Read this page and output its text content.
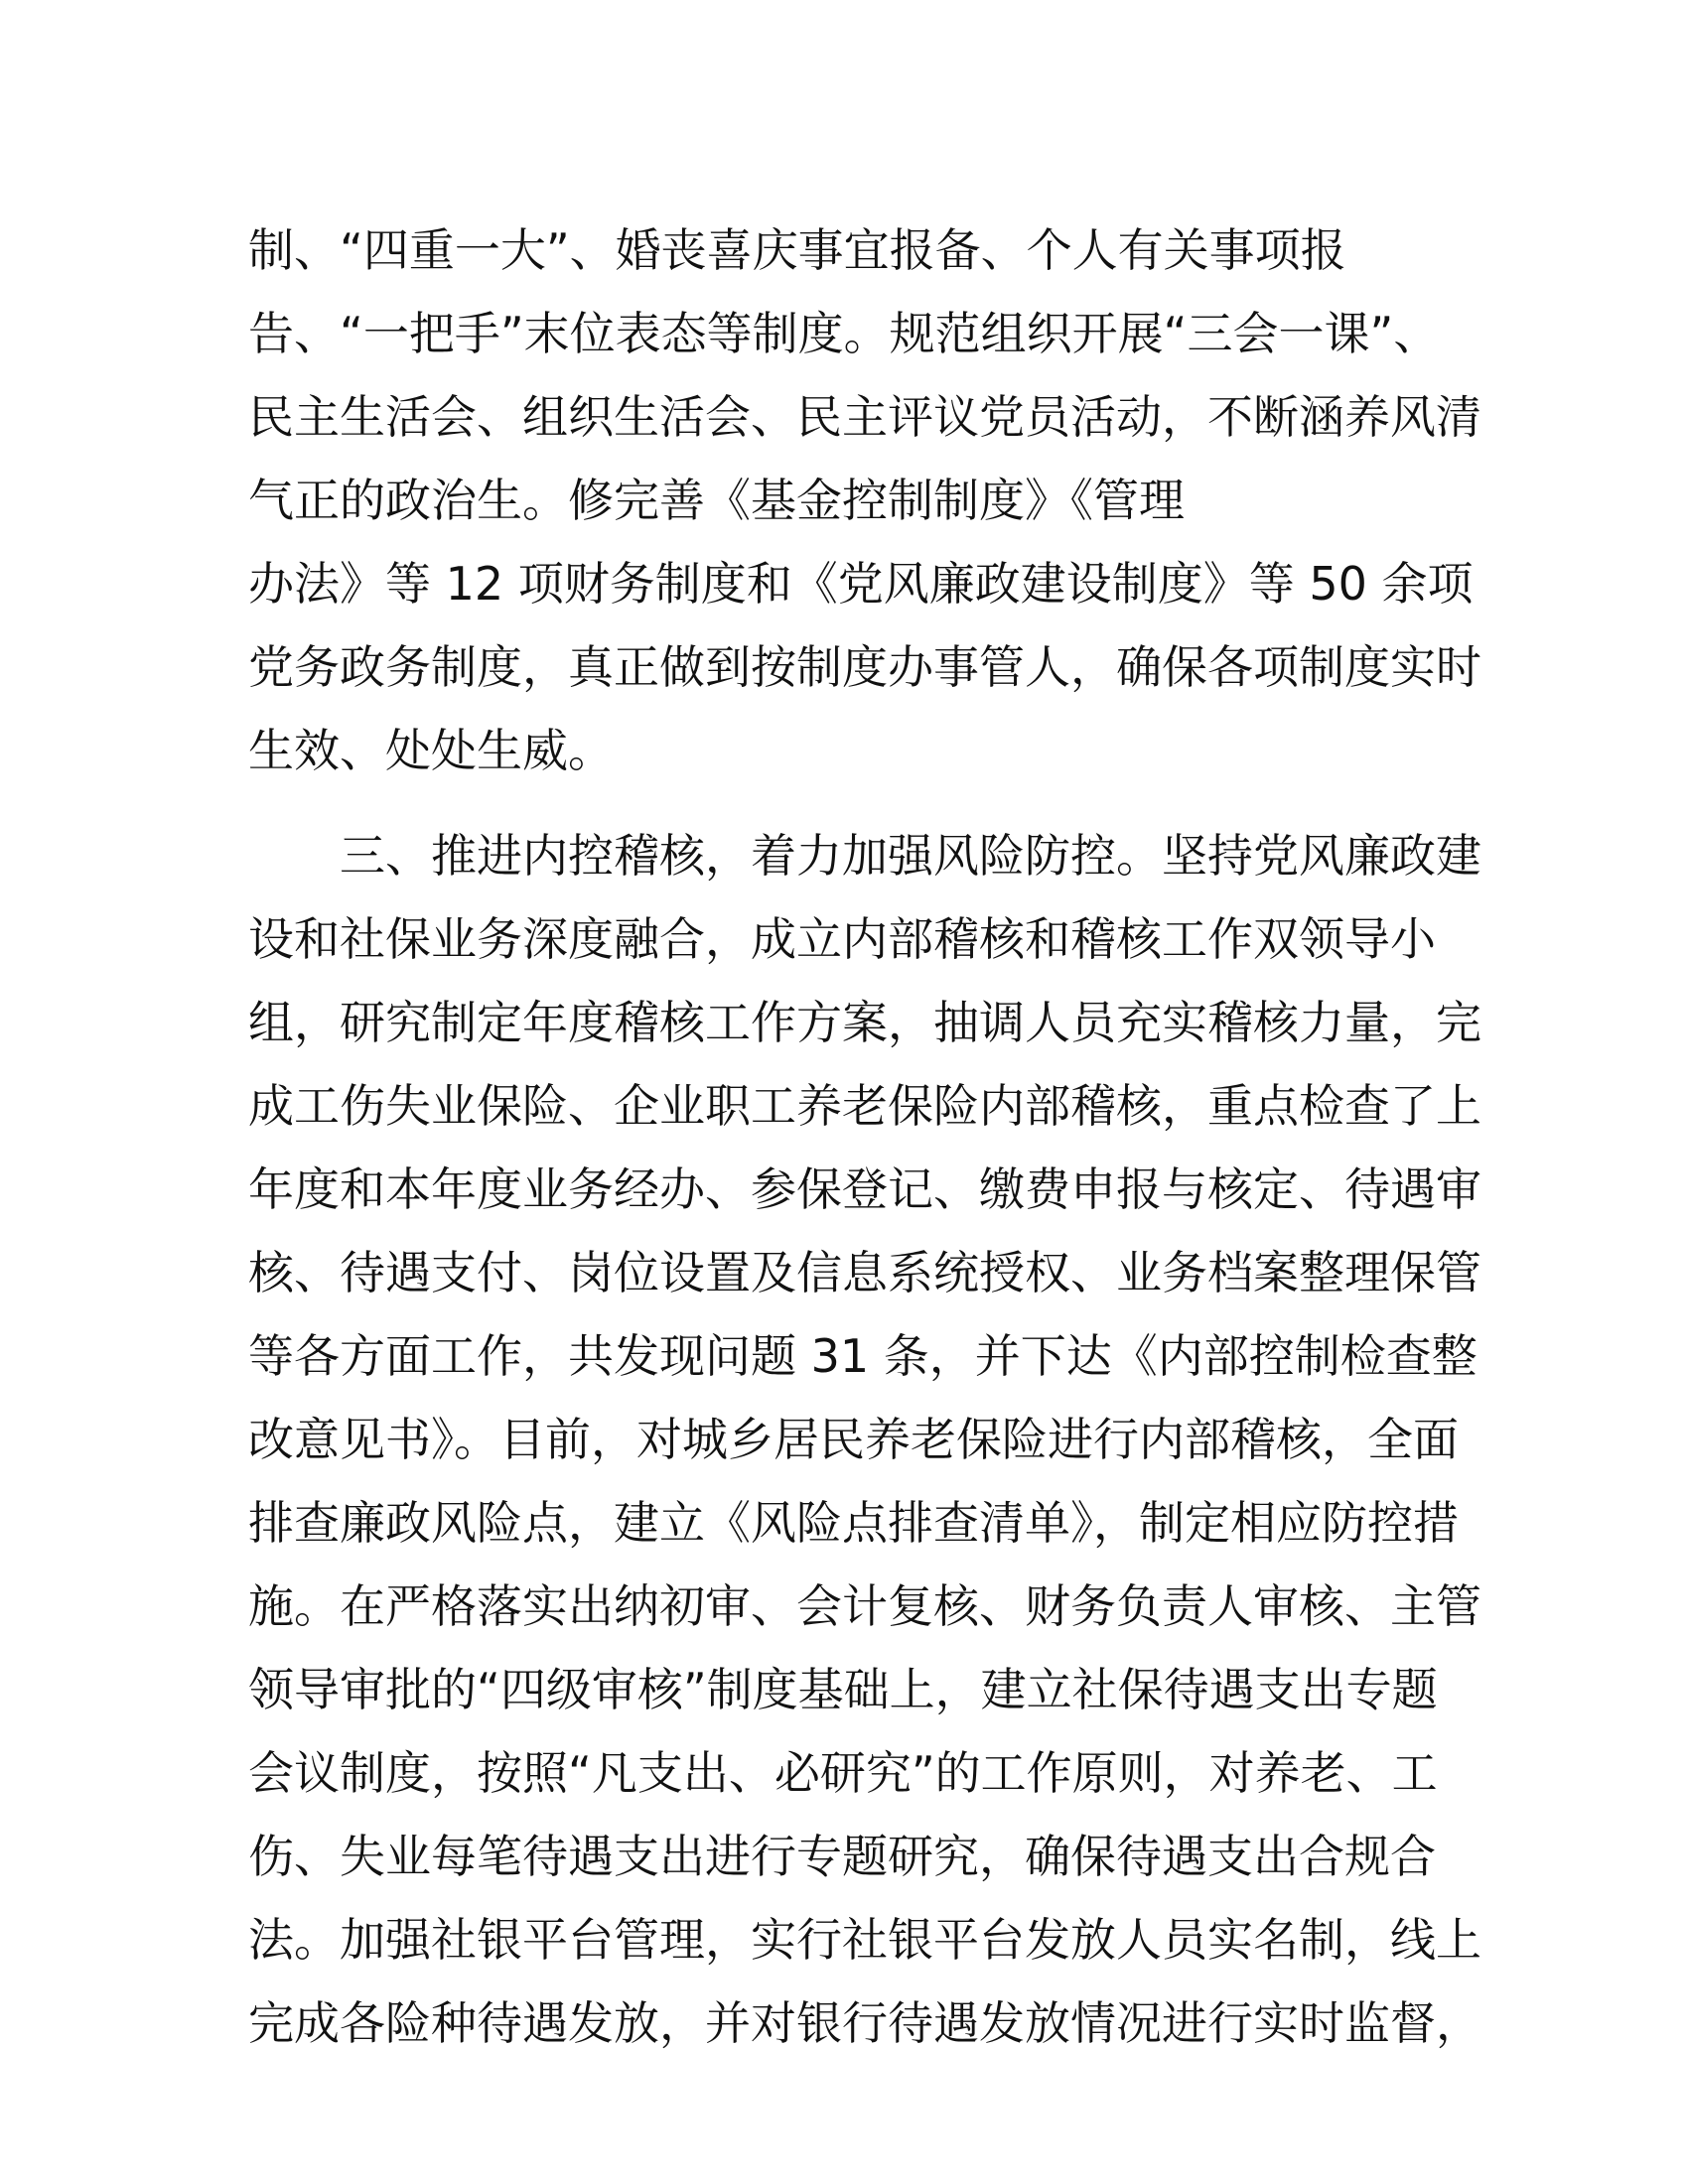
制、“四重一大”、婚丧喜庆事宜报备、个人有关事项报
告、“一把手”末位表态等制度。规范组织开展“三会一课”、
民主生活会、组织生活会、民主评议党员活动，不断涵养风清
气正的政治生。修完善《基金控制制度》《管理
办法》等 12 项财务制度和《党风廉政建设制度》等 50 余项
党务政务制度，真正做到按制度办事管人，确保各项制度实时
生效、处处生威。
三、推进内控稽核，着力加强风险防控。坚持党风廉政建
设和社保业务深度融合，成立内部稽核和稽核工作双领导小
组，研究制定年度稽核工作方案，抽调人员充实稽核力量，完
成工伤失业保险、企业职工养老保险内部稽核，重点检查了上
年度和本年度业务经办、参保登记、缴费申报与核定、待遇审
核、待遇支付、岗位设置及信息系统授权、业务档案整理保管
等各方面工作，共发现问题 31 条，并下达《内部控制检查整
改意见书》。目前，对城乡居民养老保险进行内部稽核，全面
排查廉政风险点，建立《风险点排查清单》，制定相应防控措
施。在严格落实出纳初审、会计复核、财务负责人审核、主管
领导审批的“四级审核”制度基础上，建立社保待遇支出专题
会议制度，按照“凡支出、必研究”的工作原则，对养老、工
伤、失业每笔待遇支出进行专题研究，确保待遇支出合规合
法。加强社银平台管理，实行社银平台发放人员实名制，线上
完成各险种待遇发放，并对银行待遇发放情况进行实时监督，
